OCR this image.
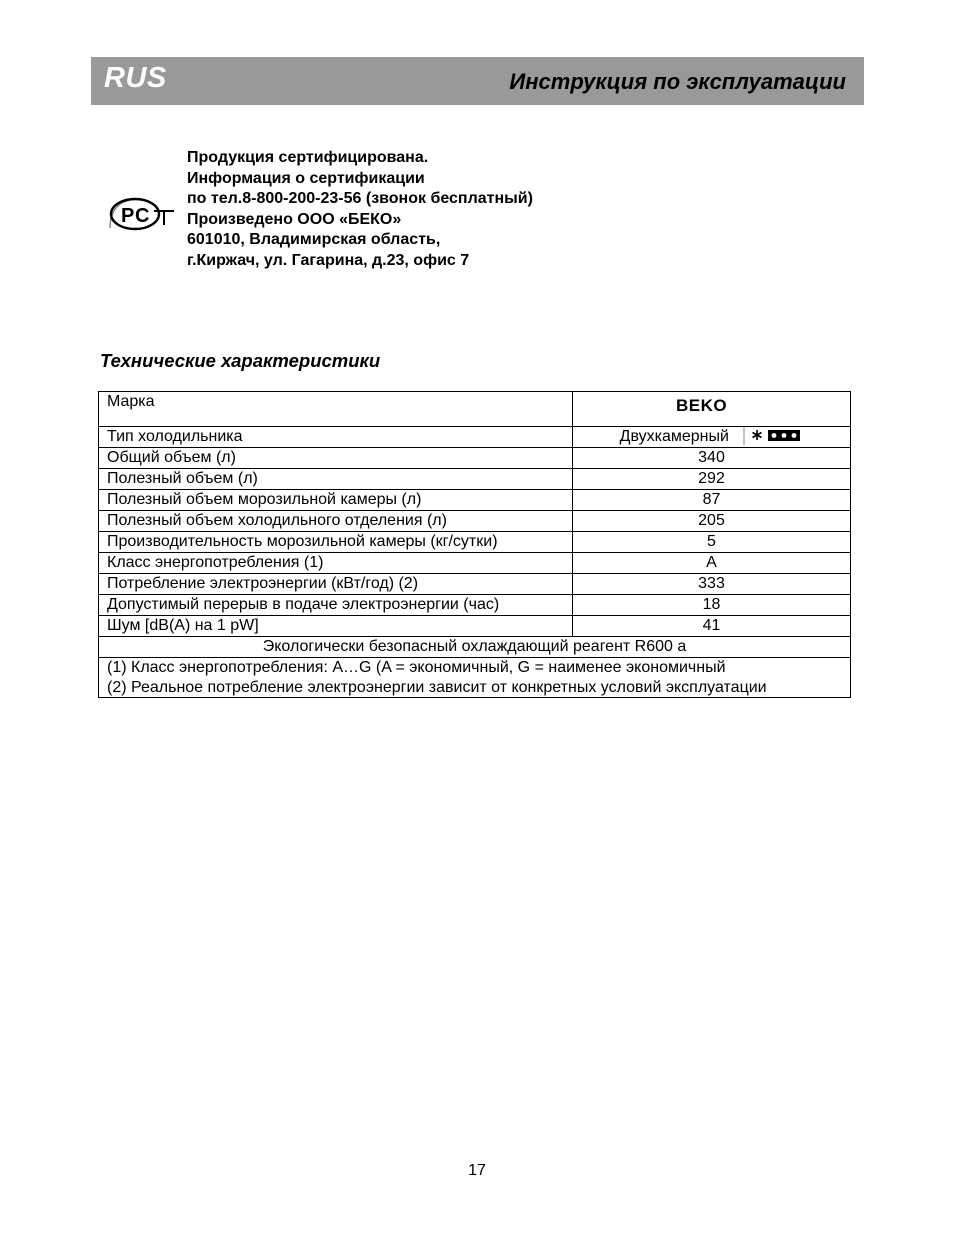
RUS	Инструкция по эксплуатации
Р С
Продукция сертифицирована.
Информация о сертификации
по тел.8-800-200-23-56 (звонок бесплатный)
Произведено ООО «БЕКО»
601010, Владимирская область,
г.Киржач, ул. Гагарина, д.23, офис 7
Технические характеристики
Марка	BEKO

Тип холодильника	Двухкамерный
Общий объем (л)	340
Полезный объем (л)	292
Полезный объем морозильной камеры (л)	87
Полезный объем холодильного отделения (л)	205
Производительность морозильной камеры (кг/сутки)	5
Класс энергопотребления (1)	A
Потребление электроэнергии (кВт/год) (2)	333
Допустимый перерыв в подаче электроэнергии (час)	18
Шум [dB(A) на 1 pW]	41
Экологически безопасный охлаждающий реагент R600 a	

(1) Класс энергопотребления: A…G (A = экономичный, G = наименее экономичный
(2) Реальное потребление электроэнергии зависит от конкретных условий эксплуатации	
17
